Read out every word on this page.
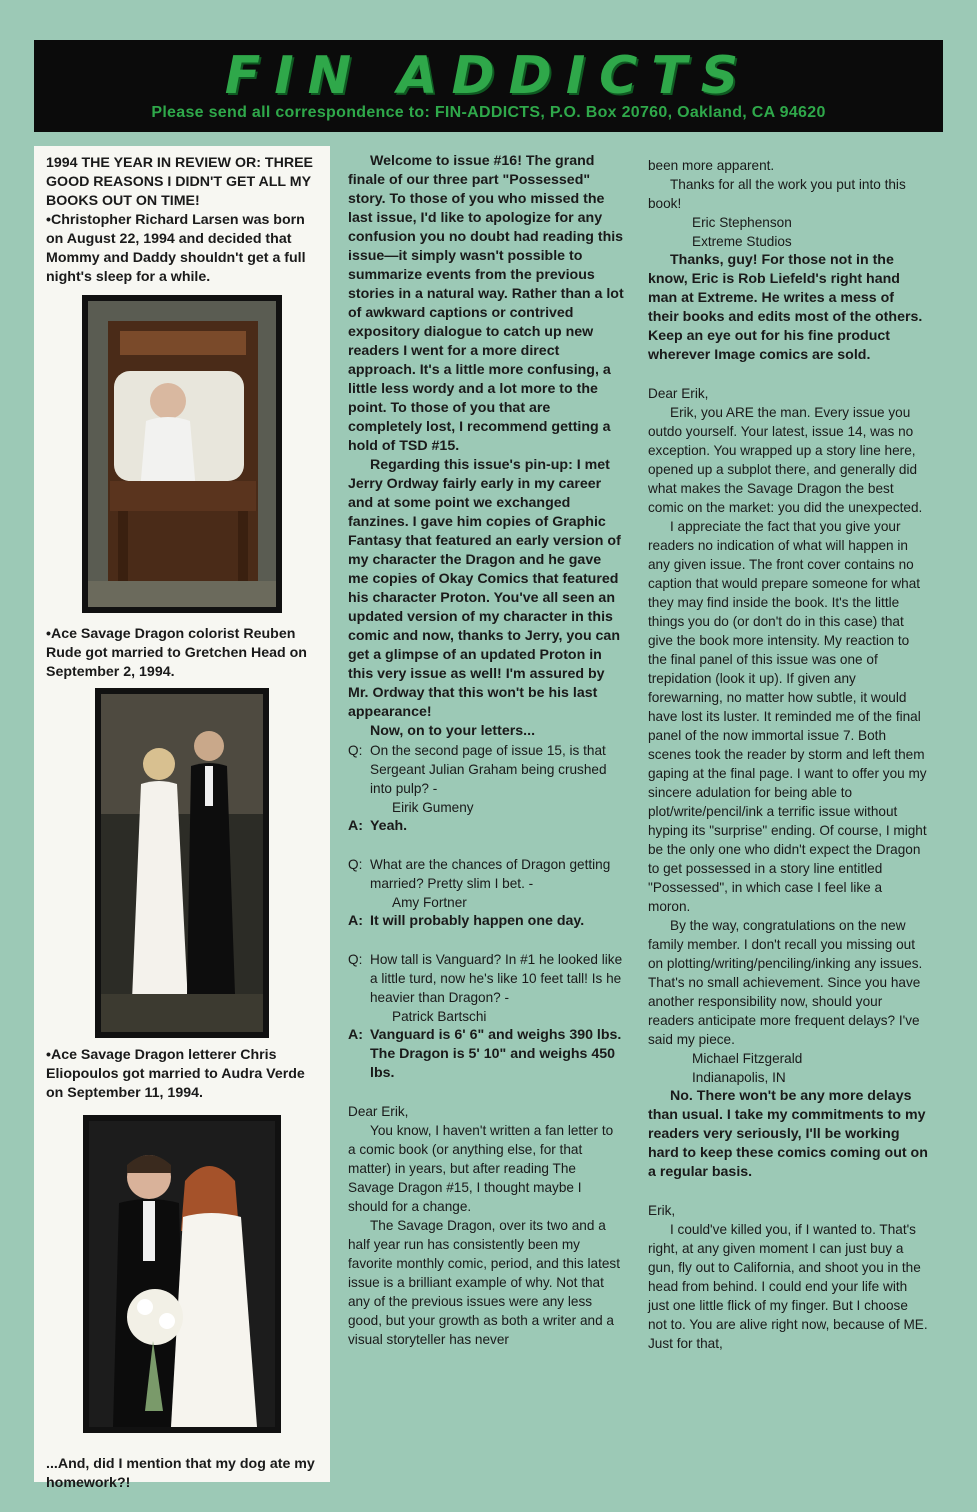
FIN ADDICTS
Please send all correspondence to: FIN-ADDICTS, P.O. Box 20760, Oakland, CA 94620
1994 THE YEAR IN REVIEW OR: THREE GOOD REASONS I DIDN'T GET ALL MY BOOKS OUT ON TIME!
•Christopher Richard Larsen was born on August 22, 1994 and decided that Mommy and Daddy shouldn't get a full night's sleep for a while.
•Ace Savage Dragon colorist Reuben Rude got married to Gretchen Head on September 2, 1994.
•Ace Savage Dragon letterer Chris Eliopoulos got married to Audra Verde on September 11, 1994.
...And, did I mention that my dog ate my homework?!

Welcome to issue #16! The grand finale of our three part "Possessed" story. To those of you who missed the last issue, I'd like to apologize for any confusion you no doubt had reading this issue—it simply wasn't possible to summarize events from the previous stories in a natural way. Rather than a lot of awkward captions or contrived expository dialogue to catch up new readers I went for a more direct approach. It's a little more confusing, a little less wordy and a lot more to the point. To those of you that are completely lost, I recommend getting a hold of TSD #15.

Regarding this issue's pin-up: I met Jerry Ordway fairly early in my career and at some point we exchanged fanzines. I gave him copies of Graphic Fantasy that featured an early version of my character the Dragon and he gave me copies of Okay Comics that featured his character Proton. You've all seen an updated version of my character in this comic and now, thanks to Jerry, you can get a glimpse of an updated Proton in this very issue as well! I'm assured by Mr. Ordway that this won't be his last appearance!

Now, on to your letters...

Q: On the second page of issue 15, is that Sergeant Julian Graham being crushed into pulp? -

Eirik Gumeny

A: Yeah.
Q: What are the chances of Dragon getting married? Pretty slim I bet. -

Amy Fortner

A: It will probably happen one day.
Q: How tall is Vanguard? In #1 he looked like a little turd, now he's like 10 feet tall! Is he heavier than Dragon? -

Patrick Bartschi

A: Vanguard is 6' 6" and weighs 390 lbs. The Dragon is 5' 10" and weighs 450 lbs.

Dear Erik,

You know, I haven't written a fan letter to a comic book (or anything else, for that matter) in years, but after reading The Savage Dragon #15, I thought maybe I should for a change.

The Savage Dragon, over its two and a half year run has consistently been my favorite monthly comic, period, and this latest issue is a brilliant example of why. Not that any of the previous issues were any less good, but your growth as both a writer and a visual storyteller has never

been more apparent.

Thanks for all the work you put into this book!

Eric Stephenson

Extreme Studios

Thanks, guy! For those not in the know, Eric is Rob Liefeld's right hand man at Extreme. He writes a mess of their books and edits most of the others. Keep an eye out for his fine product wherever Image comics are sold.

Dear Erik,

Erik, you ARE the man. Every issue you outdo yourself. Your latest, issue 14, was no exception. You wrapped up a story line here, opened up a subplot there, and generally did what makes the Savage Dragon the best comic on the market: you did the unexpected.

I appreciate the fact that you give your readers no indication of what will happen in any given issue. The front cover contains no caption that would prepare someone for what they may find inside the book. It's the little things you do (or don't do in this case) that give the book more intensity. My reaction to the final panel of this issue was one of trepidation (look it up). If given any forewarning, no matter how subtle, it would have lost its luster. It reminded me of the final panel of the now immortal issue 7. Both scenes took the reader by storm and left them gaping at the final page. I want to offer you my sincere adulation for being able to plot/write/pencil/ink a terrific issue without hyping its "surprise" ending. Of course, I might be the only one who didn't expect the Dragon to get possessed in a story line entitled "Possessed", in which case I feel like a moron.

By the way, congratulations on the new family member. I don't recall you missing out on plotting/writing/penciling/inking any issues. That's no small achievement. Since you have another responsibility now, should your readers anticipate more frequent delays? I've said my piece.

Michael Fitzgerald

Indianapolis, IN

No. There won't be any more delays than usual. I take my commitments to my readers very seriously, I'll be working hard to keep these comics coming out on a regular basis.

Erik,

I could've killed you, if I wanted to. That's right, at any given moment I can just buy a gun, fly out to California, and shoot you in the head from behind. I could end your life with just one little flick of my finger. But I choose not to. You are alive right now, because of ME. Just for that,
